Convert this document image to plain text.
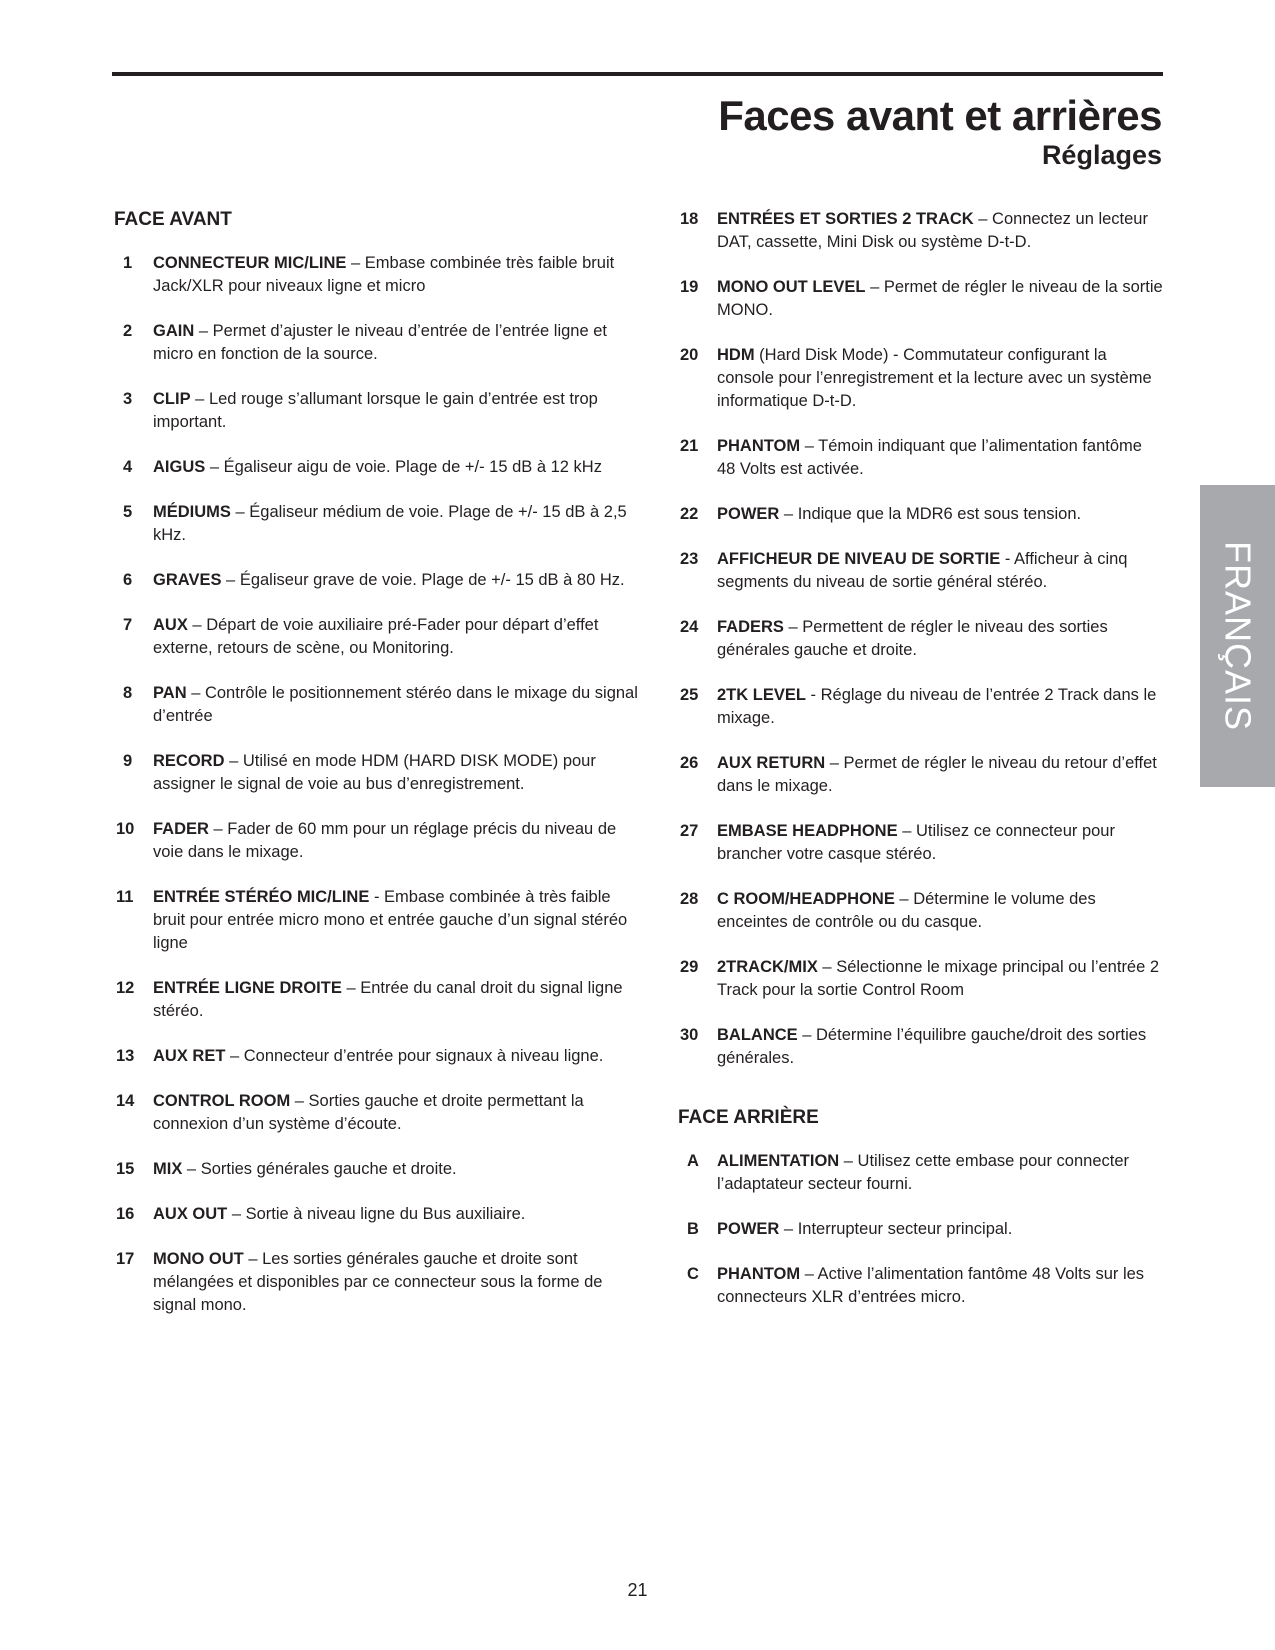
Faces avant et arrières
Réglages
FACE AVANT
1	CONNECTEUR MIC/LINE – Embase combinée très faible bruit Jack/XLR pour niveaux ligne et micro
2	GAIN – Permet d’ajuster le niveau d’entrée de l’entrée ligne et micro en fonction de la source.
3	CLIP – Led rouge s’allumant lorsque le gain d’entrée est trop important.
4	AIGUS – Égaliseur aigu de voie. Plage de +/- 15 dB à 12 kHz
5	MÉDIUMS – Égaliseur médium de voie. Plage de +/- 15 dB à 2,5 kHz.
6	GRAVES – Égaliseur grave de voie. Plage de +/- 15 dB à 80 Hz.
7	AUX – Départ de voie auxiliaire pré-Fader pour départ d’effet externe, retours de scène, ou Monitoring.
8	PAN – Contrôle le positionnement stéréo dans le mixage du signal d’entrée
9	RECORD – Utilisé en mode HDM (HARD DISK MODE) pour assigner le signal de voie au bus d’enregistrement.
10	FADER – Fader de 60 mm pour un réglage précis du niveau de voie dans le mixage.
11	ENTRÉE STÉRÉO MIC/LINE - Embase combinée à très faible bruit pour entrée micro mono et entrée gauche d’un signal stéréo ligne
12	ENTRÉE LIGNE DROITE – Entrée du canal droit du signal ligne stéréo.
13	AUX RET – Connecteur d’entrée pour signaux à niveau ligne.
14	CONTROL ROOM – Sorties gauche et droite permettant la connexion d’un système d’écoute.
15	MIX – Sorties générales gauche et droite.
16	AUX OUT – Sortie à niveau ligne du Bus auxiliaire.
17	MONO OUT – Les sorties générales gauche et droite sont mélangées et disponibles par ce connecteur sous la forme de signal mono.
18	ENTRÉES ET SORTIES 2 TRACK – Connectez un lecteur DAT, cassette, Mini Disk ou système D-t-D.
19	MONO OUT LEVEL – Permet de régler le niveau de la sortie MONO.
20	HDM (Hard Disk Mode) - Commutateur configurant la console pour l’enregistrement et la lecture avec un système informatique D-t-D.
21	PHANTOM – Témoin indiquant que l’alimentation fantôme 48 Volts est activée.
22	POWER – Indique que la MDR6 est sous tension.
23	AFFICHEUR DE NIVEAU DE SORTIE - Afficheur à cinq segments du niveau de sortie général stéréo.
24	FADERS – Permettent de régler le niveau des sorties générales gauche et droite.
25	2TK LEVEL - Réglage du niveau de l’entrée 2 Track dans le mixage.
26	AUX RETURN – Permet de régler le niveau du retour d’effet dans le mixage.
27	EMBASE HEADPHONE – Utilisez ce connecteur pour brancher votre casque stéréo.
28	C ROOM/HEADPHONE – Détermine le volume des enceintes de contrôle ou du casque.
29	2TRACK/MIX – Sélectionne le mixage principal ou l’entrée 2 Track pour la sortie Control Room
30	BALANCE – Détermine l’équilibre gauche/droit des sorties générales.
FACE ARRIÈRE
A	ALIMENTATION – Utilisez cette embase pour connecter l’adaptateur secteur fourni.
B	POWER – Interrupteur secteur principal.
C	PHANTOM – Active l’alimentation fantôme 48 Volts sur les connecteurs XLR d’entrées micro.
FRANÇAIS
21
